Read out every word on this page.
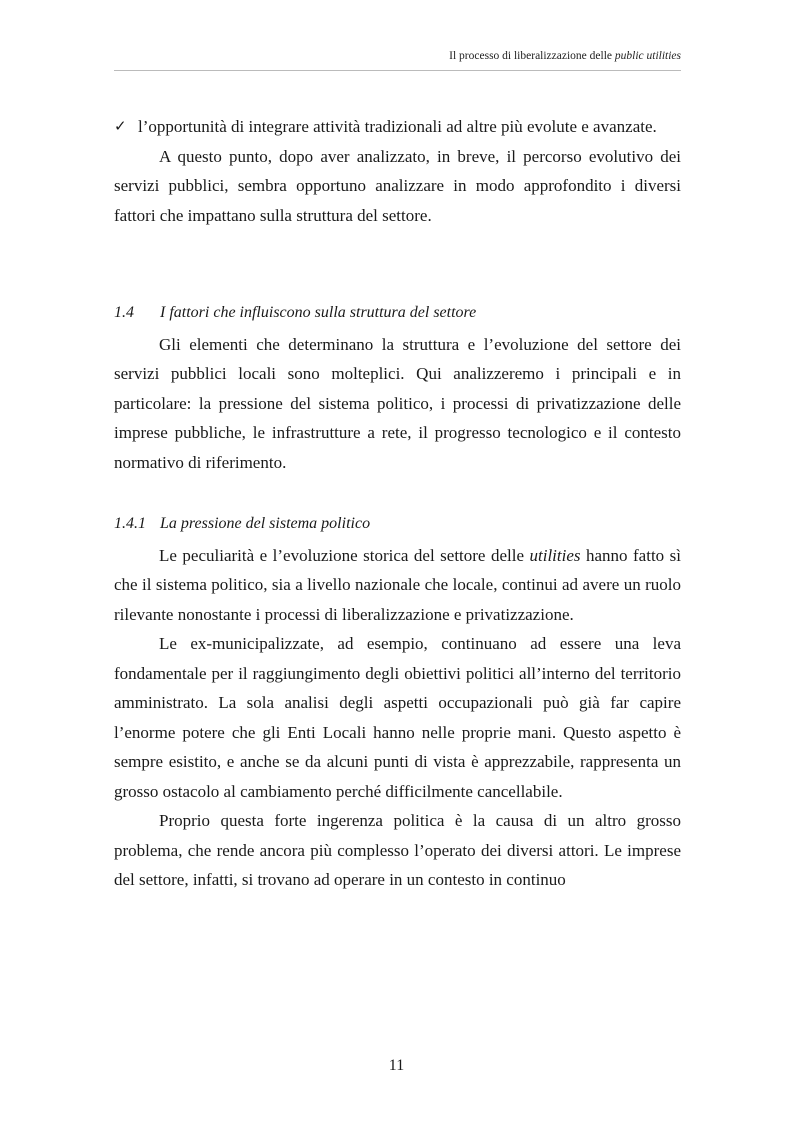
Il processo di liberalizzazione delle public utilities

✓ l’opportunità di integrare attività tradizionali ad altre più evolute e avanzate.

A questo punto, dopo aver analizzato, in breve, il percorso evolutivo dei servizi pubblici, sembra opportuno analizzare in modo approfondito i diversi fattori che impattano sulla struttura del settore.

1.4 I fattori che influiscono sulla struttura del settore

Gli elementi che determinano la struttura e l’evoluzione del settore dei servizi pubblici locali sono molteplici. Qui analizzeremo i principali e in particolare: la pressione del sistema politico, i processi di privatizzazione delle imprese pubbliche, le infrastrutture a rete, il progresso tecnologico e il contesto normativo di riferimento.

1.4.1 La pressione del sistema politico

Le peculiarità e l’evoluzione storica del settore delle utilities hanno fatto sì che il sistema politico, sia a livello nazionale che locale, continui ad avere un ruolo rilevante nonostante i processi di liberalizzazione e privatizzazione.

Le ex-municipalizzate, ad esempio, continuano ad essere una leva fondamentale per il raggiungimento degli obiettivi politici all’interno del territorio amministrato. La sola analisi degli aspetti occupazionali può già far capire l’enorme potere che gli Enti Locali hanno nelle proprie mani. Questo aspetto è sempre esistito, e anche se da alcuni punti di vista è apprezzabile, rappresenta un grosso ostacolo al cambiamento perché difficilmente cancellabile.

Proprio questa forte ingerenza politica è la causa di un altro grosso problema, che rende ancora più complesso l’operato dei diversi attori. Le imprese del settore, infatti, si trovano ad operare in un contesto in continuo

11
